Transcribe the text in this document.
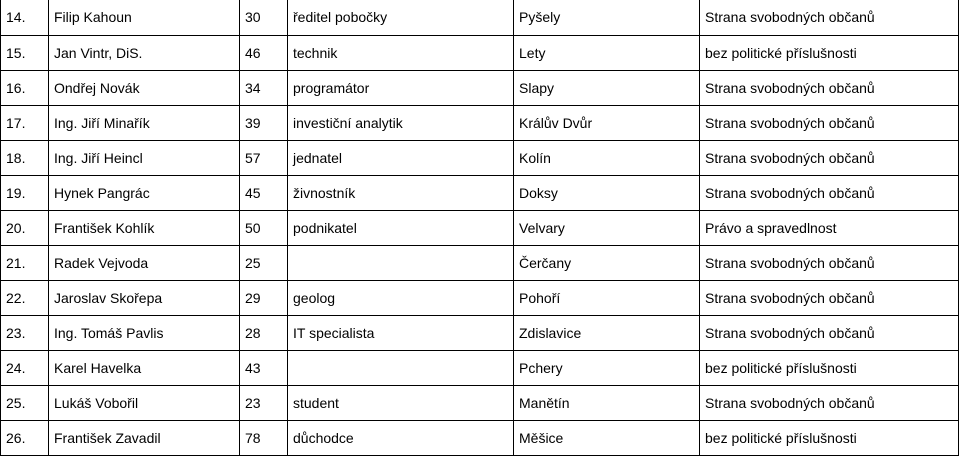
14.	Filip Kahoun	30	ředitel pobočky	Pyšely	Strana svobodných občanů
15.	Jan Vintr, DiS.	46	technik	Lety	bez politické příslušnosti
16.	Ondřej Novák	34	programátor	Slapy	Strana svobodných občanů
17.	Ing. Jiří Minařík	39	investiční analytik	Králův Dvůr	Strana svobodných občanů
18.	Ing. Jiří Heincl	57	jednatel	Kolín	Strana svobodných občanů
19.	Hynek Pangrác	45	živnostník	Doksy	Strana svobodných občanů
20.	František Kohlík	50	podnikatel	Velvary	Právo a spravedlnost
21.	Radek Vejvoda	25		Čerčany	Strana svobodných občanů
22.	Jaroslav Skořepa	29	geolog	Pohoří	Strana svobodných občanů
23.	Ing. Tomáš Pavlis	28	IT specialista	Zdislavice	Strana svobodných občanů
24.	Karel Havelka	43		Pchery	bez politické příslušnosti
25.	Lukáš Vobořil	23	student	Manětín	Strana svobodných občanů
26.	František Zavadil	78	důchodce	Měšice	bez politické příslušnosti
